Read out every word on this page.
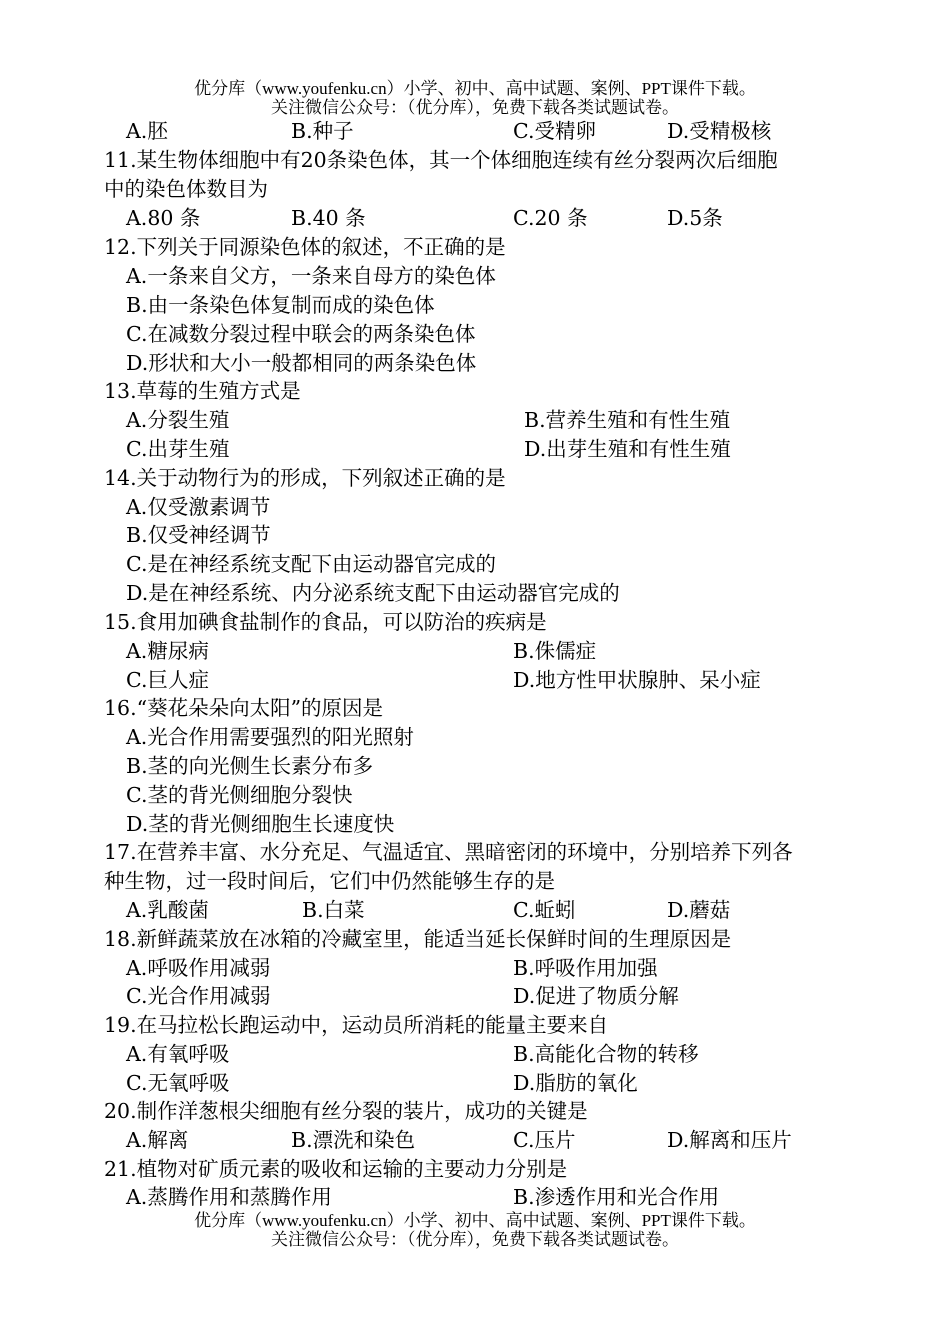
优分库（www.youfenku.cn）小学、初中、高中试题、案例、PPT课件下载。
关注微信公众号：（优分库），免费下载各类试题试卷。
A.胚	B.种子	C.受精卵	D.受精极核
11.某生物体细胞中有20条染色体，其一个体细胞连续有丝分裂两次后细胞
中的染色体数目为
A.80 条	B.40 条	C.20 条	D.5条
12.下列关于同源染色体的叙述，不正确的是
A.一条来自父方，一条来自母方的染色体
B.由一条染色体复制而成的染色体
C.在减数分裂过程中联会的两条染色体
D.形状和大小一般都相同的两条染色体
13.草莓的生殖方式是
A.分裂生殖	B.营养生殖和有性生殖
C.出芽生殖	D.出芽生殖和有性生殖
14.关于动物行为的形成，下列叙述正确的是
A.仅受激素调节
B.仅受神经调节
C.是在神经系统支配下由运动器官完成的
D.是在神经系统、内分泌系统支配下由运动器官完成的
15.食用加碘食盐制作的食品，可以防治的疾病是
A.糖尿病	B.侏儒症
C.巨人症	D.地方性甲状腺肿、呆小症
16.“葵花朵朵向太阳”的原因是
A.光合作用需要强烈的阳光照射
B.茎的向光侧生长素分布多
C.茎的背光侧细胞分裂快
D.茎的背光侧细胞生长速度快
17.在营养丰富、水分充足、气温适宜、黑暗密闭的环境中，分别培养下列各
种生物，过一段时间后，它们中仍然能够生存的是
A.乳酸菌	B.白菜	C.蚯蚓	D.蘑菇
18.新鲜蔬菜放在冰箱的冷藏室里，能适当延长保鲜时间的生理原因是
A.呼吸作用减弱	B.呼吸作用加强
C.光合作用减弱	D.促进了物质分解
19.在马拉松长跑运动中，运动员所消耗的能量主要来自
A.有氧呼吸	B.高能化合物的转移
C.无氧呼吸	D.脂肪的氧化
20.制作洋葱根尖细胞有丝分裂的装片，成功的关键是
A.解离	B.漂洗和染色	C.压片	D.解离和压片
21.植物对矿质元素的吸收和运输的主要动力分别是
A.蒸腾作用和蒸腾作用	B.渗透作用和光合作用
优分库（www.youfenku.cn）小学、初中、高中试题、案例、PPT课件下载。
关注微信公众号：（优分库），免费下载各类试题试卷。
